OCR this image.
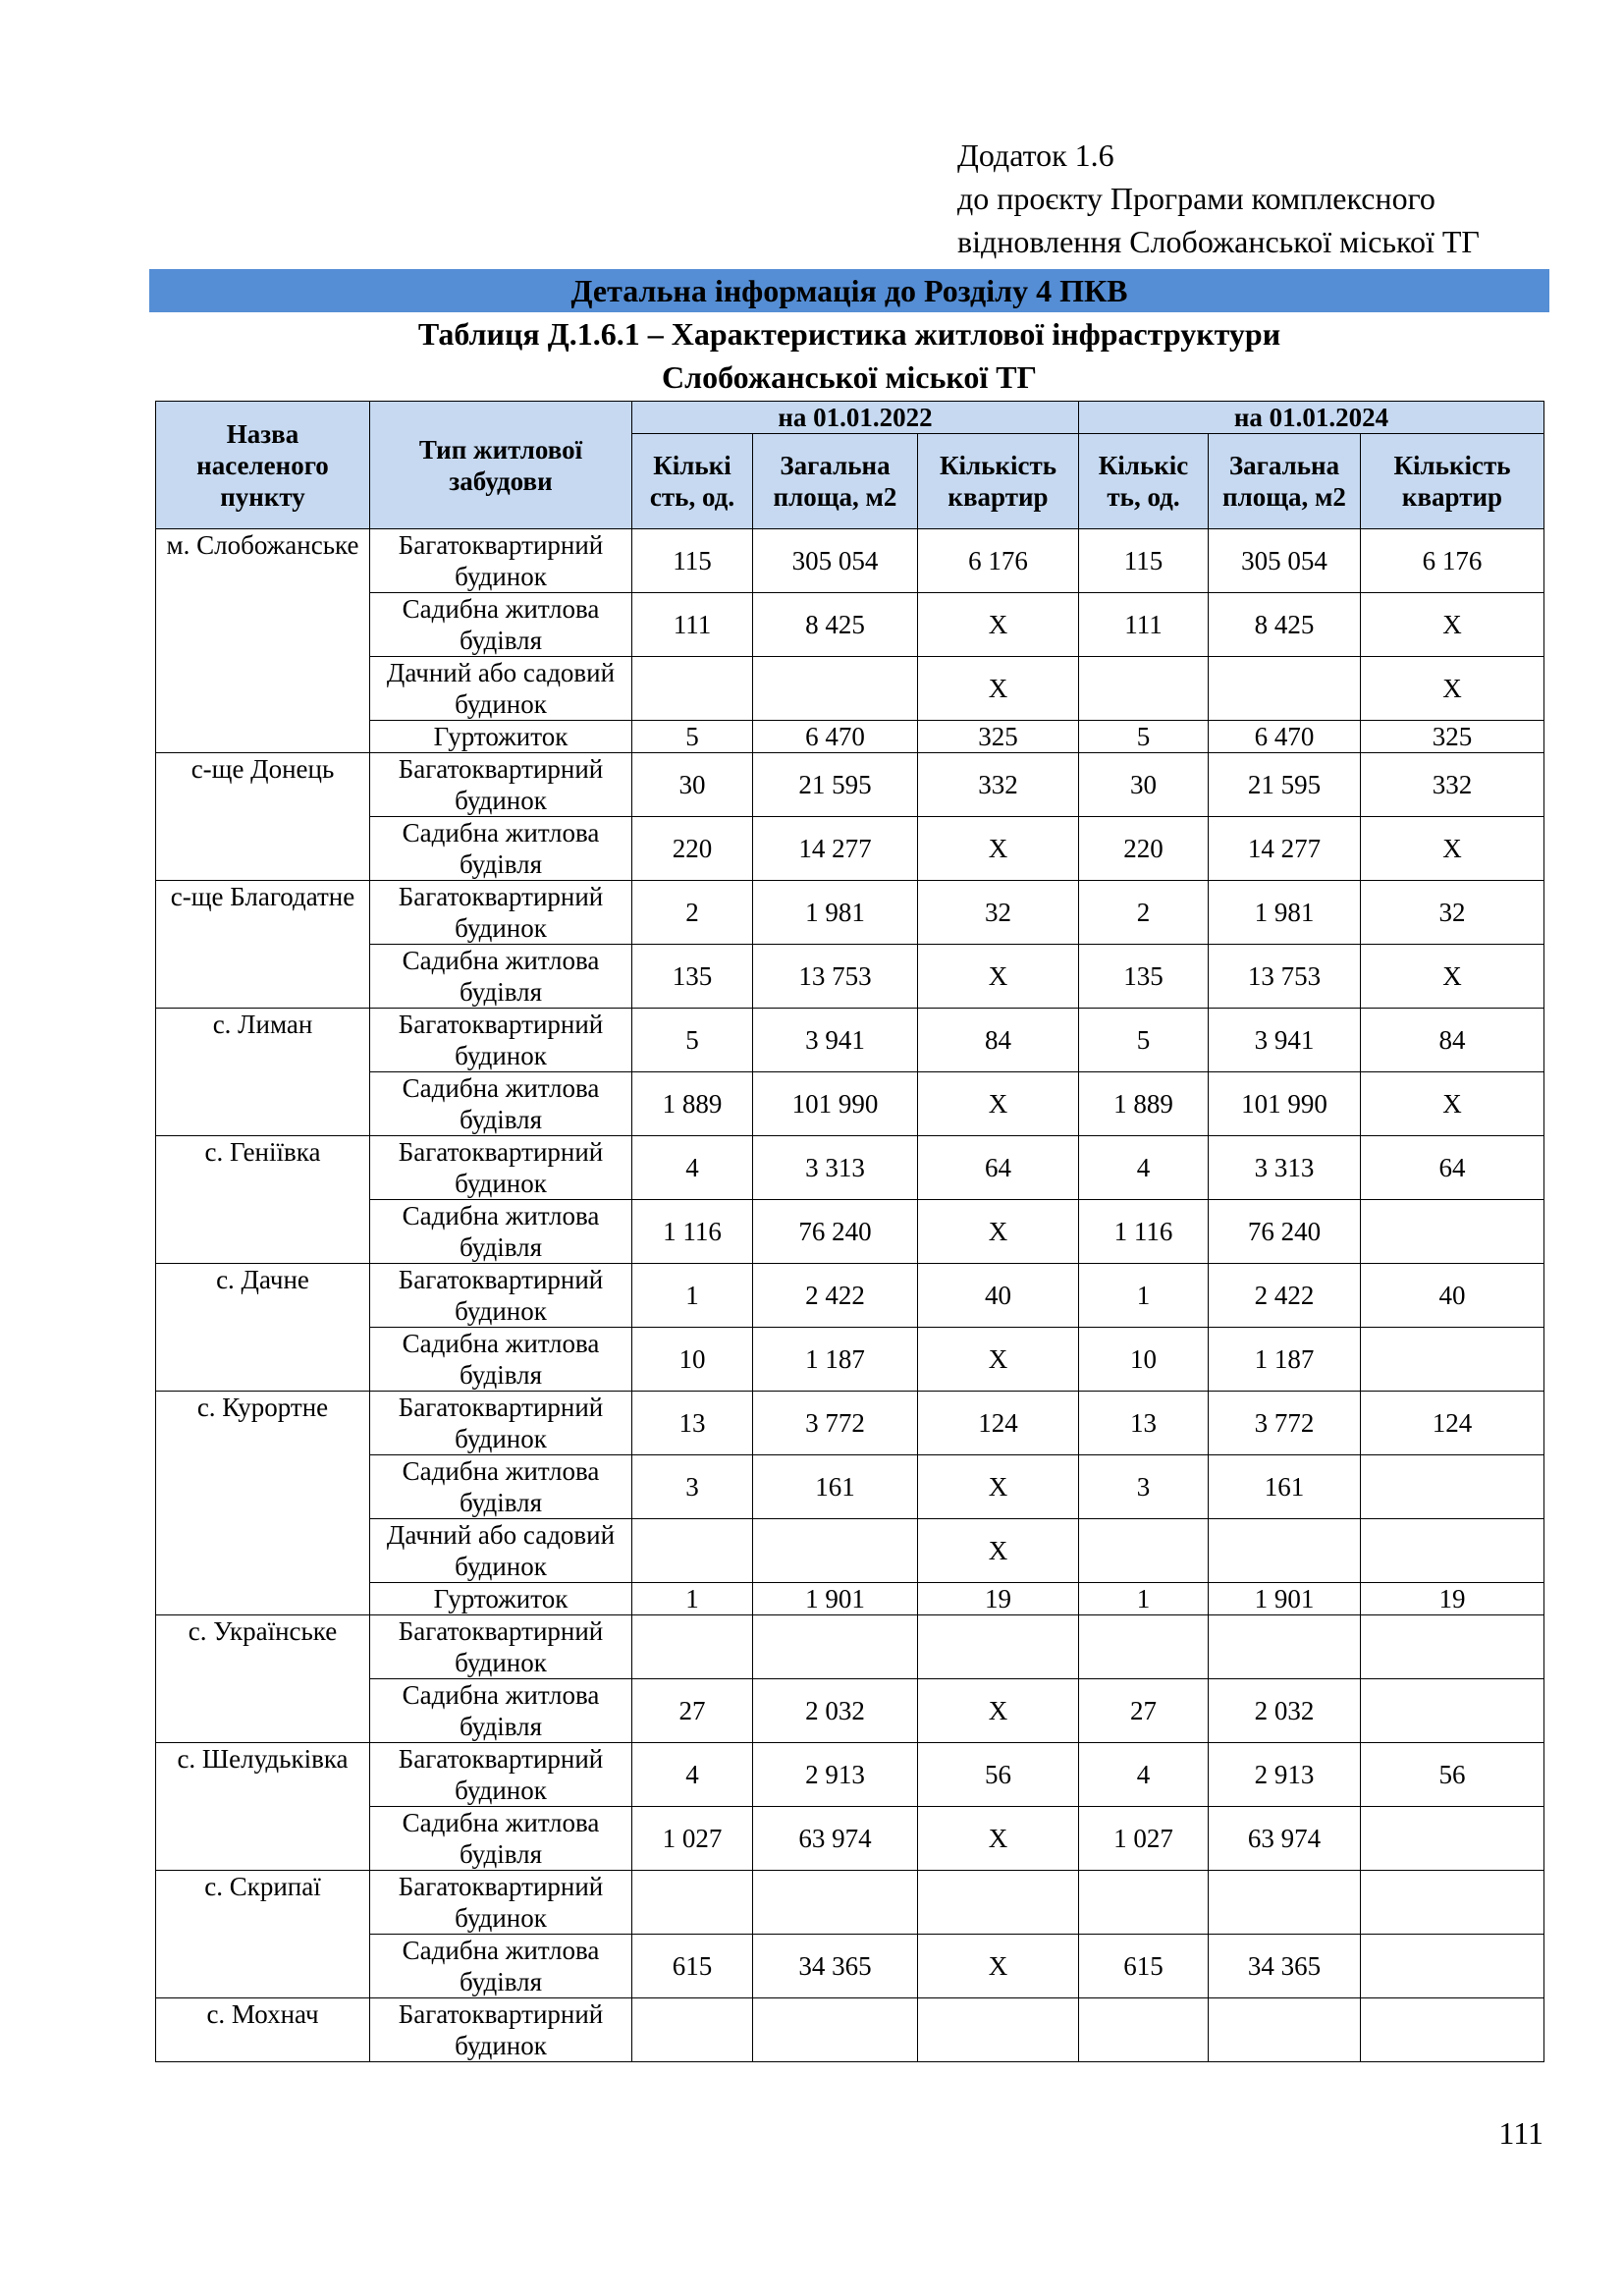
Додаток 1.6
до проєкту Програми комплексного
відновлення Слобожанської міської ТГ
Детальна інформація до Розділу 4 ПКВ
Таблиця Д.1.6.1 – Характеристика житлової інфраструктури
Слобожанської міської ТГ
Назва населеного пункту	Тип житлової забудови	на 01.01.2022			на 01.01.2024		
		Кількі сть, од.	Загальна площа, м2	Кількість квартир	Кількіс ть, од.	Загальна площа, м2	Кількість квартир
м. Слобожанське	Багатоквартирний будинок	115	305 054	6 176	115	305 054	6 176
	Садибна житлова будівля	111	8 425	Х	111	8 425	Х
	Дачний або садовий будинок			Х			Х
	Гуртожиток	5	6 470	325	5	6 470	325
с-ще Донець	Багатоквартирний будинок	30	21 595	332	30	21 595	332
	Садибна житлова будівля	220	14 277	Х	220	14 277	Х
с-ще Благодатне	Багатоквартирний будинок	2	1 981	32	2	1 981	32
	Садибна житлова будівля	135	13 753	Х	135	13 753	Х
с. Лиман	Багатоквартирний будинок	5	3 941	84	5	3 941	84
	Садибна житлова будівля	1 889	101 990	Х	1 889	101 990	Х
с. Геніївка	Багатоквартирний будинок	4	3 313	64	4	3 313	64
	Садибна житлова будівля	1 116	76 240	Х	1 116	76 240	
с. Дачне	Багатоквартирний будинок	1	2 422	40	1	2 422	40
	Садибна житлова будівля	10	1 187	Х	10	1 187	
с. Курортне	Багатоквартирний будинок	13	3 772	124	13	3 772	124
	Садибна житлова будівля	3	161	Х	3	161	
	Дачний або садовий будинок			Х			
	Гуртожиток	1	1 901	19	1	1 901	19
с. Українське	Багатоквартирний будинок						
	Садибна житлова будівля	27	2 032	Х	27	2 032	
с. Шелудьківка	Багатоквартирний будинок	4	2 913	56	4	2 913	56
	Садибна житлова будівля	1 027	63 974	Х	1 027	63 974	
с. Скрипаї	Багатоквартирний будинок						
	Садибна житлова будівля	615	34 365	Х	615	34 365	
с. Мохнач	Багатоквартирний будинок						
111
